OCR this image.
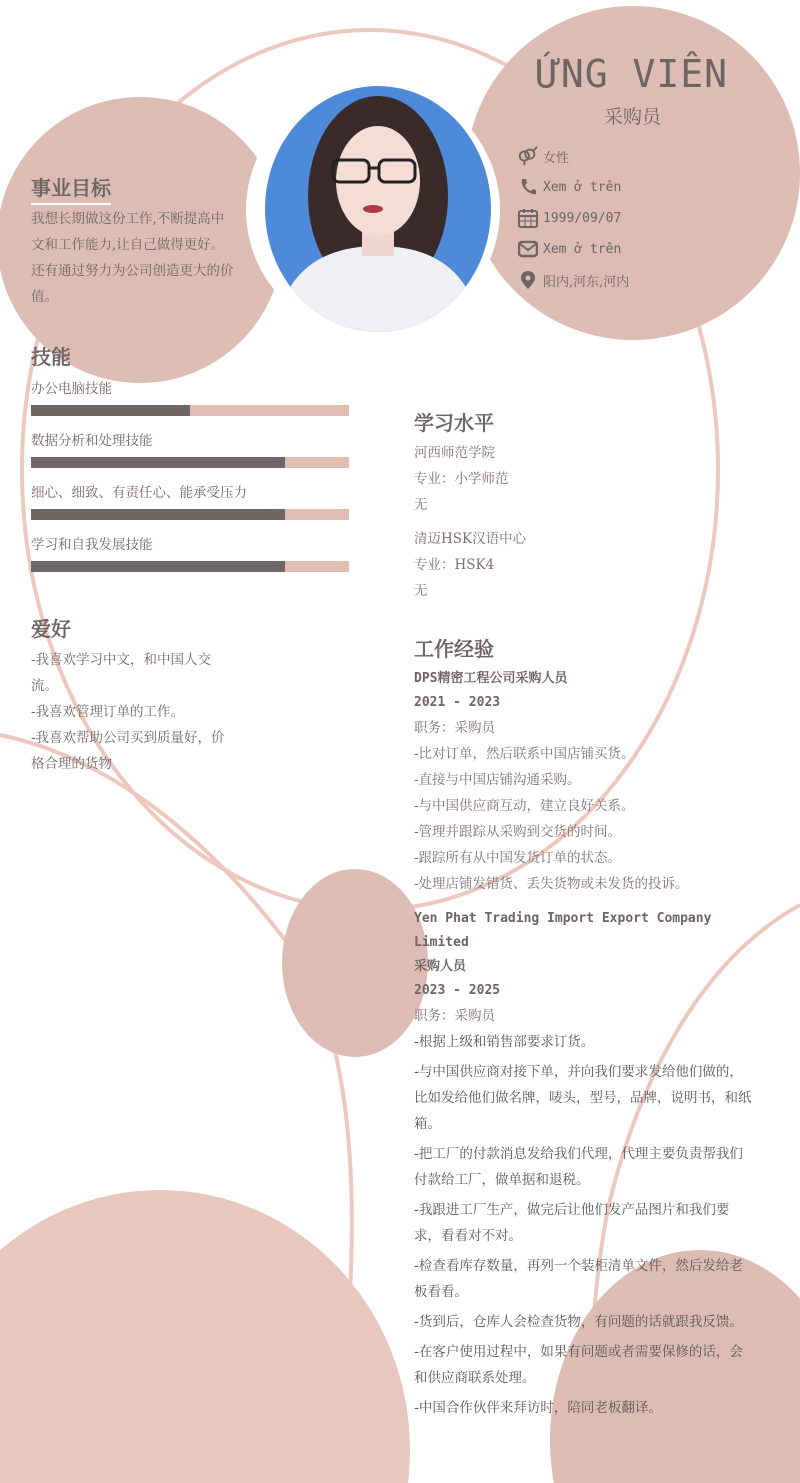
ỨNG VIÊN
采购员
女性
Xem ở trên
1999/09/07
Xem ở trên
阳内,河东,河内
事业目标
我想长期做这份工作,不断提高中
文和工作能力,让自己做得更好。
还有通过努力为公司创造更大的价
值。
技能
办公电脑技能
数据分析和处理技能
细心、细致、有责任心、能承受压力
学习和自我发展技能
爱好
-我喜欢学习中文，和中国人交
流。
-我喜欢管理订单的工作。
-我喜欢帮助公司买到质量好，价
格合理的货物
学习水平
河西师范学院
专业：小学师范
无
清迈HSK汉语中心
专业：HSK4
无
工作经验
DPS精密工程公司采购人员
2021 - 2023
职务：采购员
-比对订单，然后联系中国店铺买货。
-直接与中国店铺沟通采购。
-与中国供应商互动，建立良好关系。
-管理并跟踪从采购到交货的时间。
-跟踪所有从中国发货订单的状态。
-处理店铺发错货、丢失货物或未发货的投诉。
Yen Phat Trading Import Export Company Limited
采购人员
2023 - 2025
职务：采购员
-根据上级和销售部要求订货。
-与中国供应商对接下单，并向我们要求发给他们做的，比如发给他们做名牌，唛头，型号，品牌，说明书，和纸箱。
-把工厂的付款消息发给我们代理，代理主要负责帮我们付款给工厂，做单据和退税。
-我跟进工厂生产，做完后让他们发产品图片和我们要求，看看对不对。
-检查看库存数量，再列一个装柜清单文件，然后发给老板看看。
-货到后，仓库人会检查货物，有问题的话就跟我反馈。
-在客户使用过程中，如果有问题或者需要保修的话，会和供应商联系处理。
-中国合作伙伴来拜访时，陪同老板翻译。
